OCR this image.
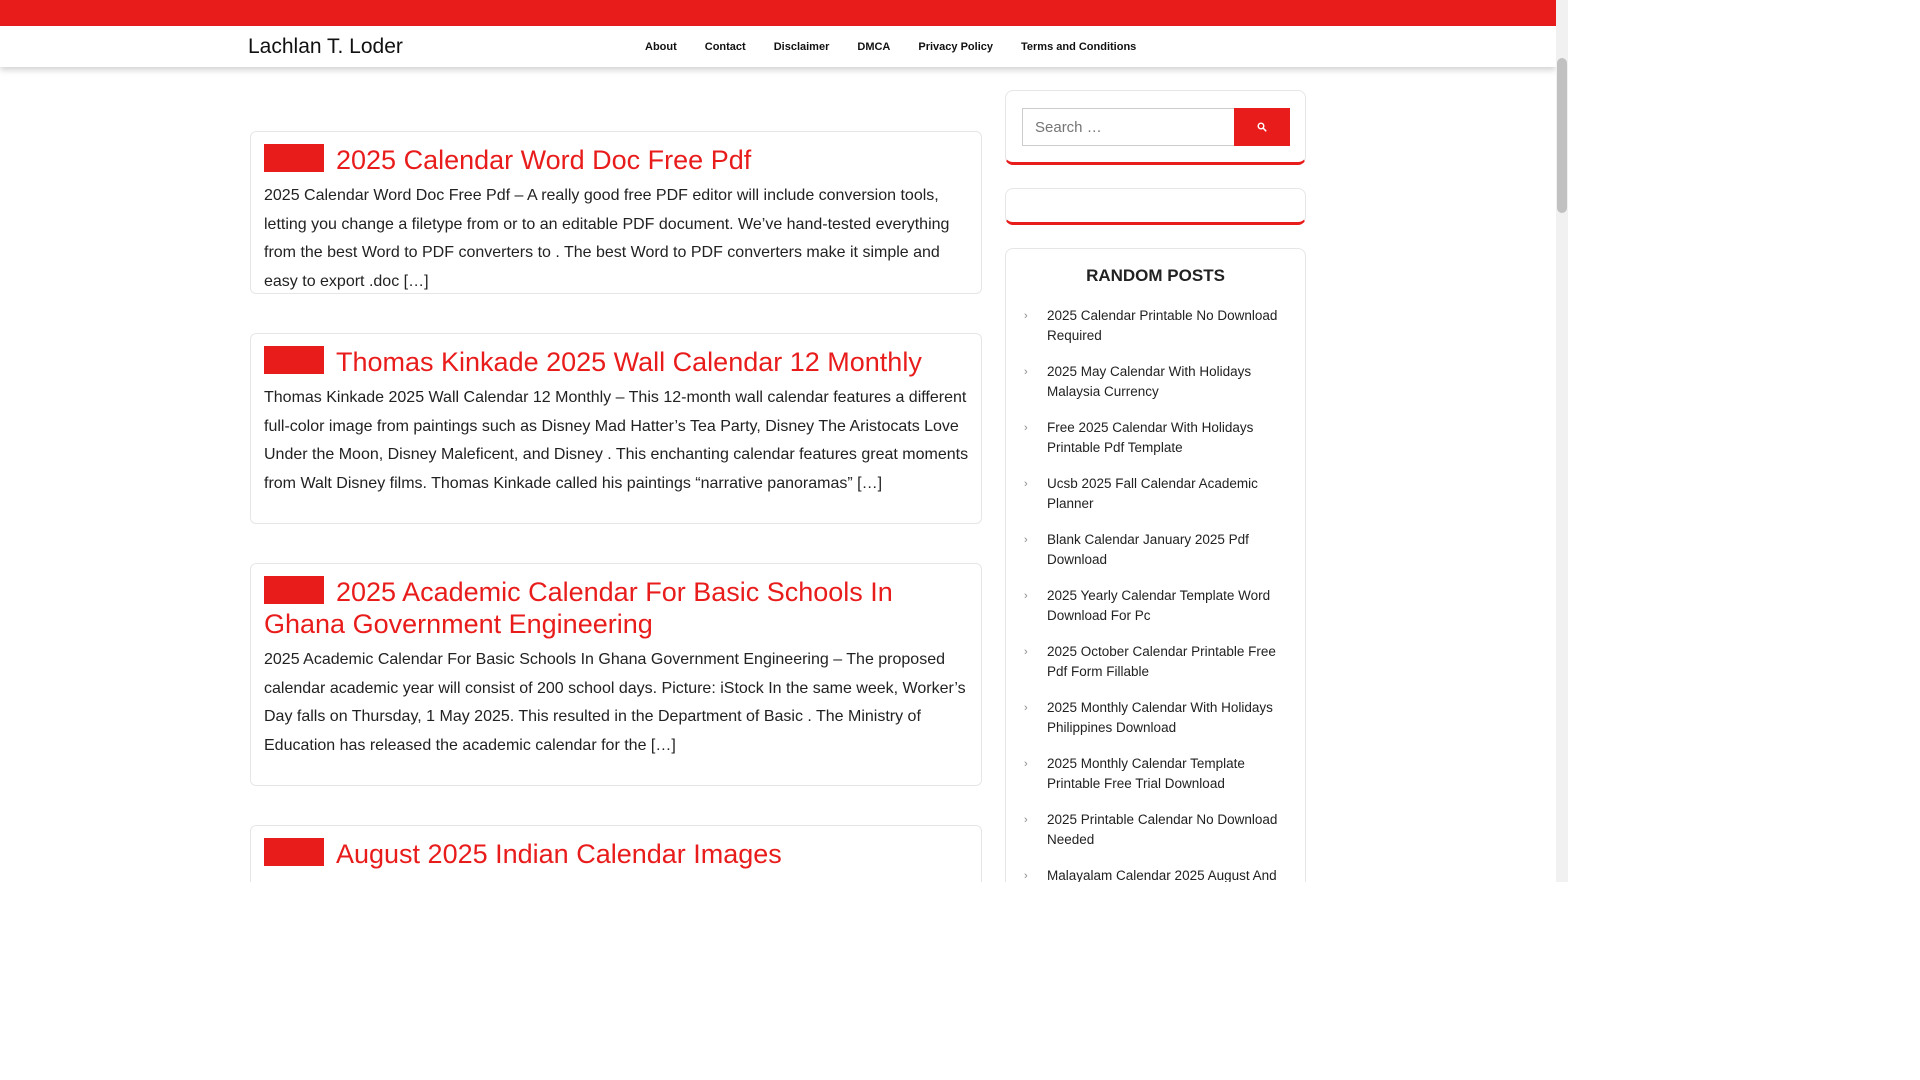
Lachlan T. Loder	About	Contact	Disclaimer	DMCA	Privacy Policy	Terms and Conditions
2025 Calendar Word Doc Free Pdf
2025 Calendar Word Doc Free Pdf – A really good free PDF editor will include conversion tools, letting you change a filetype from or to an editable PDF document. We’ve hand-tested everything from the best Word to PDF converters to . The best Word to PDF converters make it simple and easy to export .doc […]
Thomas Kinkade 2025 Wall Calendar 12 Monthly
Thomas Kinkade 2025 Wall Calendar 12 Monthly – This 12-month wall calendar features a different full-color image from paintings such as Disney Mad Hatter’s Tea Party, Disney The Aristocats Love Under the Moon, Disney Maleficent, and Disney . This enchanting calendar features great moments from Walt Disney films. Thomas Kinkade called his paintings “narrative panoramas” […]
2025 Academic Calendar For Basic Schools In Ghana Government Engineering
2025 Academic Calendar For Basic Schools In Ghana Government Engineering – The proposed calendar academic year will consist of 200 school days. Picture: iStock In the same week, Worker’s Day falls on Thursday, 1 May 2025. This resulted in the Department of Basic . The Ministry of Education has released the academic calendar for the […]
August 2025 Indian Calendar Images
Search …
RANDOM POSTS
› 2025 Calendar Printable No Download Required
› 2025 May Calendar With Holidays Malaysia Currency
› Free 2025 Calendar With Holidays Printable Pdf Template
› Ucsb 2025 Fall Calendar Academic Planner
› Blank Calendar January 2025 Pdf Download
› 2025 Yearly Calendar Template Word Download For Pc
› 2025 October Calendar Printable Free Pdf Form Fillable
› 2025 Monthly Calendar With Holidays Philippines Download
› 2025 Monthly Calendar Template Printable Free Trial Download
› 2025 Printable Calendar No Download Needed
› Malayalam Calendar 2025 August And
